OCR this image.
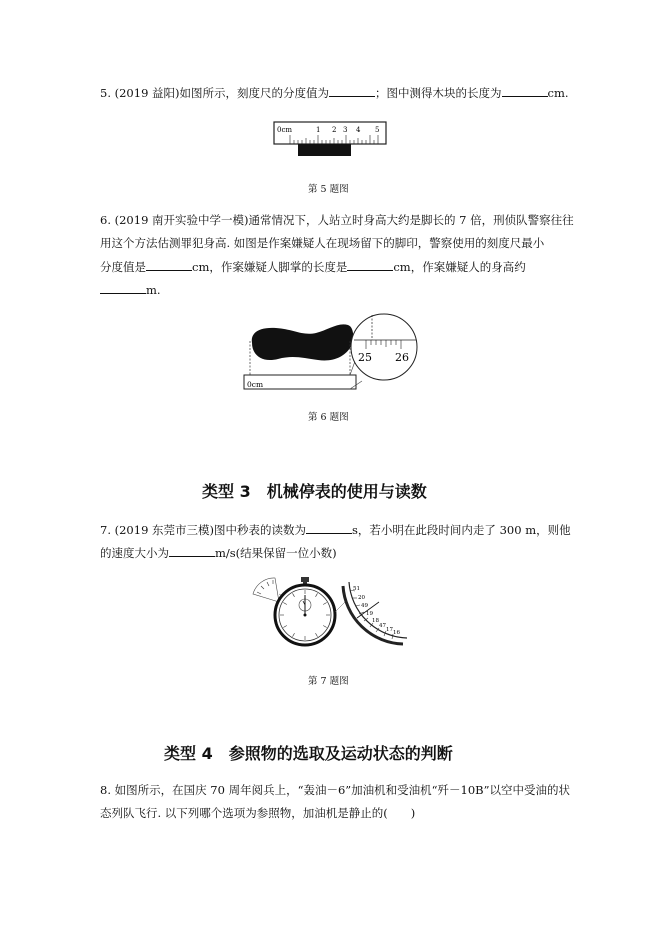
5. (2019 益阳)如图所示，刻度尺的分度值为	；图中测得木块的长度为	cm.
0cm	1 2 3 4 5
第 5 题图
6. (2019 南开实验中学一模)通常情况下，人站立时身高大约是脚长的 7 倍，刑侦队警察往往
用这个方法估测罪犯身高. 如图是作案嫌疑人在现场留下的脚印，警察使用的刻度尺最小
分度值是	cm，作案嫌疑人脚掌的长度是	cm，作案嫌疑人的身高约
m.
0cm
25 26
第 6 题图
类型 3　机械停表的使用与读数
7. (2019 东莞市三模)图中秒表的读数为	s，若小明在此段时间内走了 300 m，则他
的速度大小为	m/s(结果保留一位小数)
51
20
49
19
18
47
17 16
第 7 题图
类型 4　参照物的选取及运动状态的判断
8. 如图所示，在国庆 70 周年阅兵上，“轰油－6”加油机和受油机“歼－10B”以空中受油的状
态列队飞行. 以下列哪个选项为参照物，加油机是静止的(　　)
